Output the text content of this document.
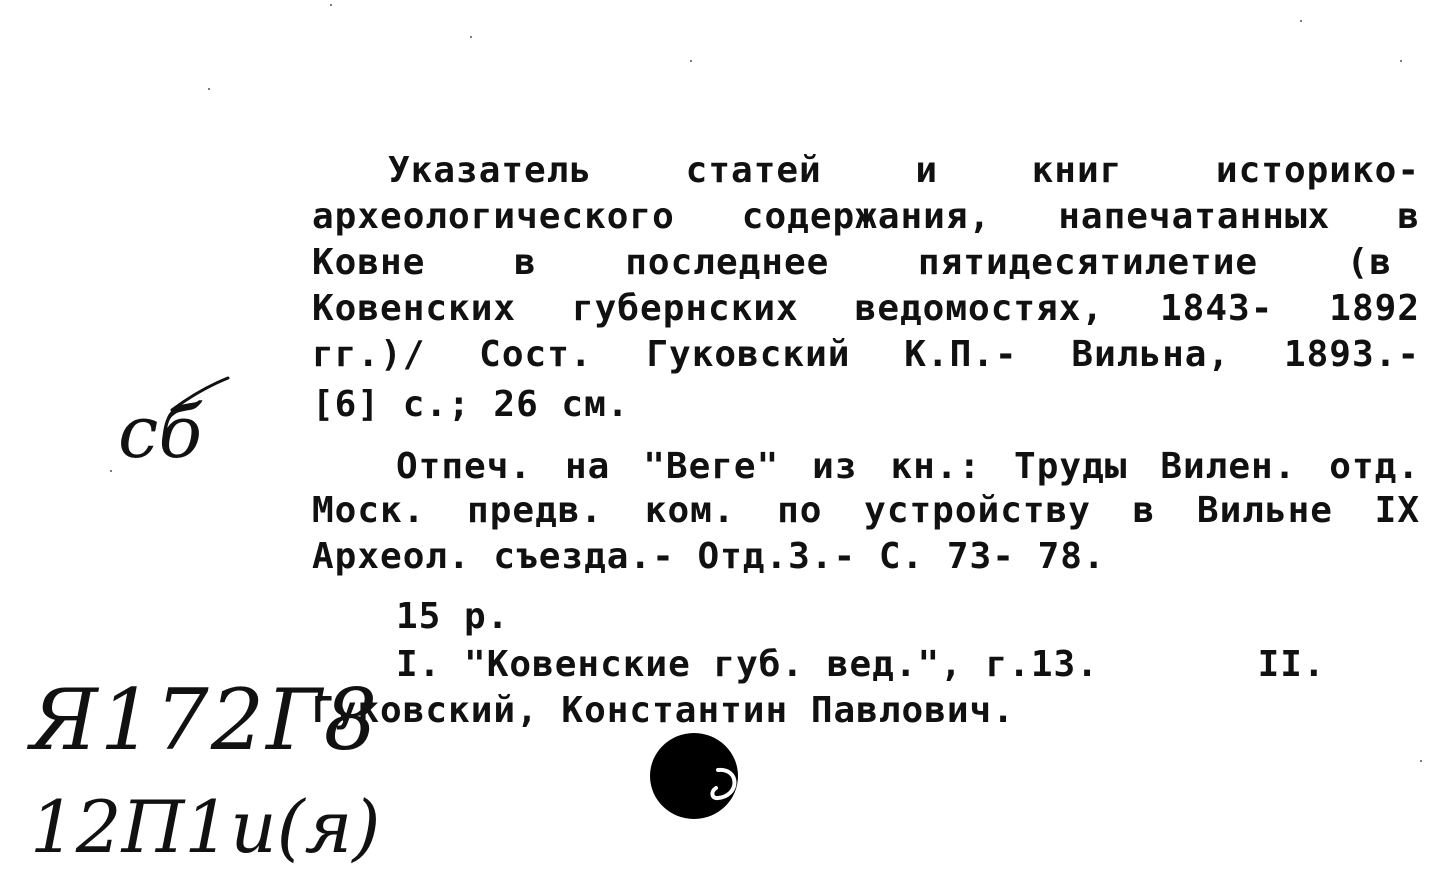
Указатель статей и книг историко-
археологического содержания, напечатанных в
Ковне в последнее пятидесятилетие (в
Ковенских губернских ведомостях, 1843- 1892
гг.)/ Сост. Гуковский К.П.- Вильна, 1893.-
[6] с.; 26 см.
Отпеч. на "Веге" из кн.: Труды Вилен. отд.
Моск. предв. ком. по устройству в Вильне IX
Археол. съезда.- Отд.3.- С. 73- 78.
15 р.
I. "Ковенские губ. вед.", г.13.       II.
Гуковский, Константин Павлович.
сб
Я172Г8
12П1и(я)
